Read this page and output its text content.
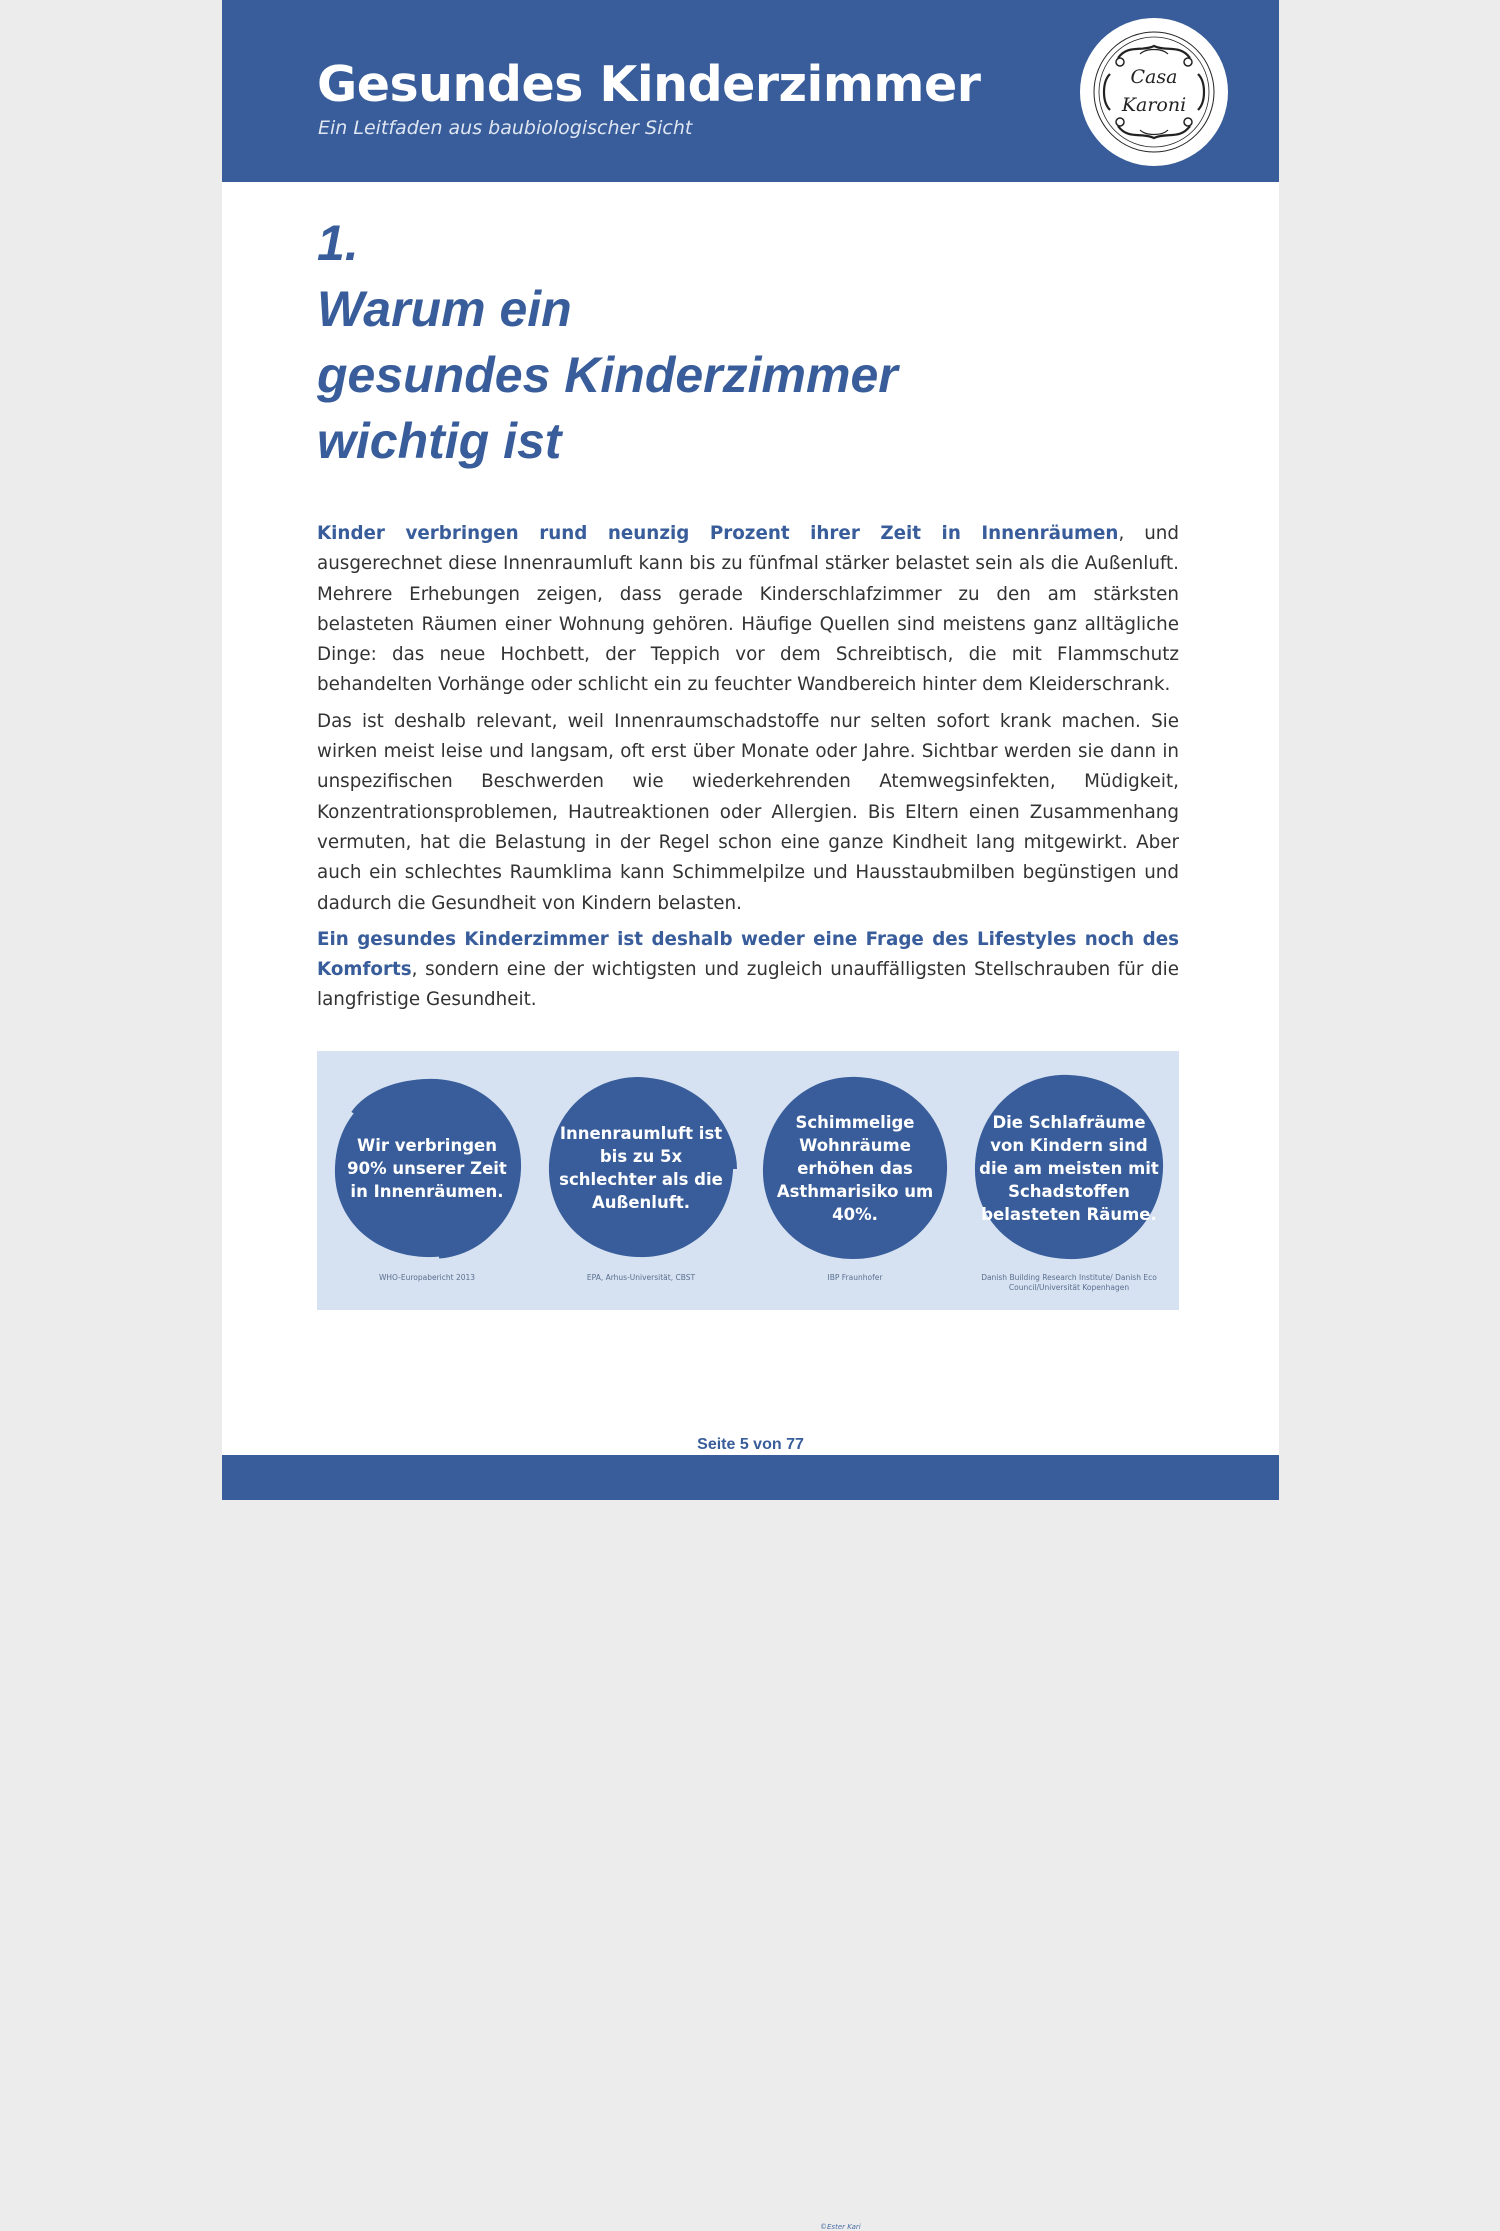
Gesundes Kinderzimmer
Ein Leitfaden aus baubiologischer Sicht
Casa
Karoni
1.
Warum ein
gesundes Kinderzimmer
wichtig ist

Kinder verbringen rund neunzig Prozent ihrer Zeit in Innenräumen, und ausgerechnet diese Innenraumluft kann bis zu fünfmal stärker belastet sein als die Außenluft. Mehrere Erhebungen zeigen, dass gerade Kinderschlafzimmer zu den am stärksten belasteten Räumen einer Wohnung gehören. Häufige Quellen sind meistens ganz alltägliche Dinge: das neue Hochbett, der Teppich vor dem Schreibtisch, die mit Flammschutz behandelten Vorhänge oder schlicht ein zu feuchter Wandbereich hinter dem Kleiderschrank.

Das ist deshalb relevant, weil Innenraumschadstoffe nur selten sofort krank machen. Sie wirken meist leise und langsam, oft erst über Monate oder Jahre. Sichtbar werden sie dann in unspezifischen Beschwerden wie wiederkehrenden Atemwegsinfekten, Müdigkeit, Konzentrationsproblemen, Hautreaktionen oder Allergien. Bis Eltern einen Zusammenhang vermuten, hat die Belastung in der Regel schon eine ganze Kindheit lang mitgewirkt. Aber auch ein schlechtes Raumklima kann Schimmelpilze und Hausstaubmilben begünstigen und dadurch die Gesundheit von Kindern belasten.

Ein gesundes Kinderzimmer ist deshalb weder eine Frage des Lifestyles noch des Komforts, sondern eine der wichtigsten und zugleich unauffälligsten Stellschrauben für die langfristige Gesundheit.

Wir verbringen 90% unserer Zeit in Innenräumen.
WHO-Europabericht 2013
Innenraumluft ist bis zu 5x schlechter als die Außenluft.
EPA, Arhus-Universität, CBST
Schimmelige Wohnräume erhöhen das Asthmarisiko um 40%.
IBP Fraunhofer
Die Schlafräume von Kindern sind die am meisten mit Schadstoffen belasteten Räume.
Danish Building Research Institute/ Danish Eco Council/Universität Kopenhagen
©Ester Kari
Seite 5 von 77
